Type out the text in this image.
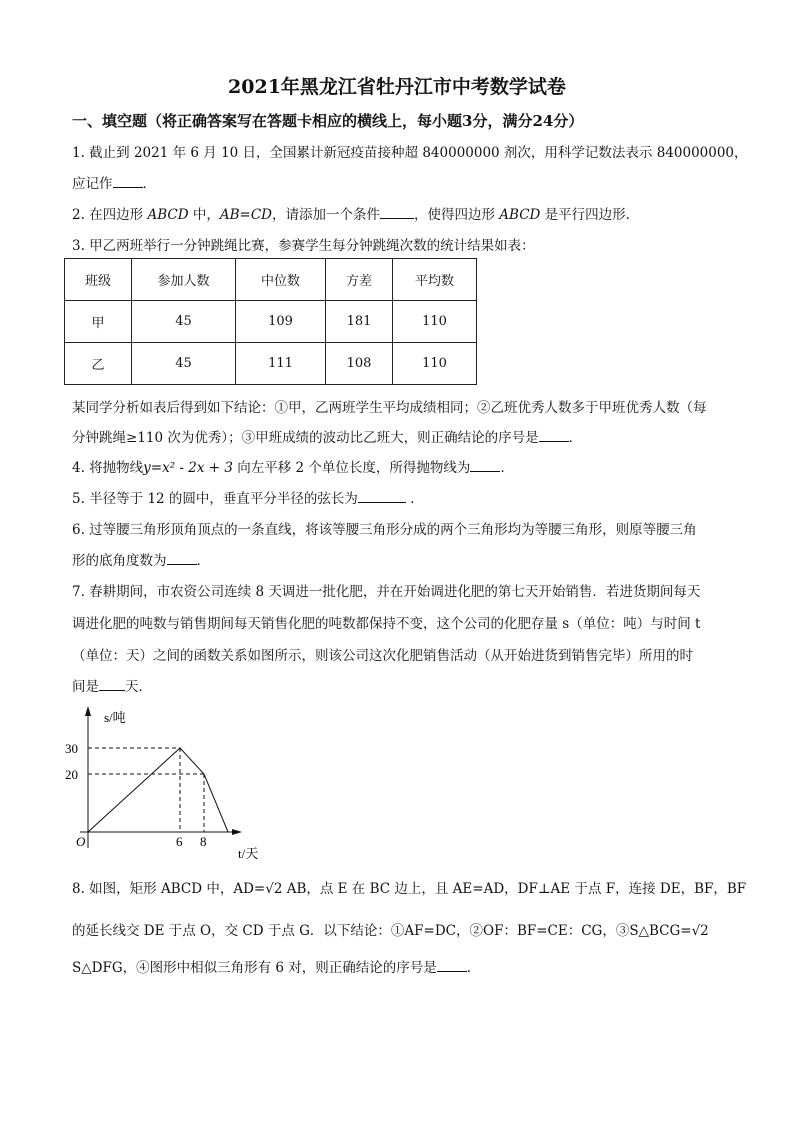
2021年黑龙江省牡丹江市中考数学试卷
一、填空题（将正确答案写在答题卡相应的横线上，每小题3分，满分24分）
1. 截止到 2021 年 6 月 10 日，全国累计新冠疫苗接种超 840000000 剂次，用科学记数法表示 840000000，
应记作 ．
2. 在四边形 ABCD 中，AB=CD，请添加一个条件	，使得四边形 ABCD 是平行四边形．
3. 甲乙两班举行一分钟跳绳比赛，参赛学生每分钟跳绳次数的统计结果如表：
班级	参加人数	中位数	方差	平均数
甲	45	109	181	110
乙	45	111	108	110
某同学分析如表后得到如下结论：①甲，乙两班学生平均成绩相同；②乙班优秀人数多于甲班优秀人数（每
分钟跳绳≥110 次为优秀）；③甲班成绩的波动比乙班大，则正确结论的序号是 ．
4. 将抛物线y=x² - 2x + 3 向左平移 2 个单位长度，所得抛物线为 ．
5. 半径等于 12 的圆中，垂直平分半径的弦长为	．
6. 过等腰三角形顶角顶点的一条直线，将该等腰三角形分成的两个三角形均为等腰三角形，则原等腰三角
形的底角度数为 ．
7. 春耕期间，市农资公司连续 8 天调进一批化肥，并在开始调进化肥的第七天开始销售．若进货期间每天
调进化肥的吨数与销售期间每天销售化肥的吨数都保持不变，这个公司的化肥存量 s（单位：吨）与时间 t
（单位：天）之间的函数关系如图所示，则该公司这次化肥销售活动（从开始进货到销售完毕）所用的时
间是 天．
s/吨
30
20
O	6 8
t/天
8. 如图，矩形 ABCD 中，AD=√2 AB，点 E 在 BC 边上，且 AE=AD，DF⊥AE 于点 F，连接 DE，BF，BF
的延长线交 DE 于点 O，交 CD 于点 G．以下结论：①AF=DC，②OF：BF=CE：CG，③S△BCG=√2
S△DFG，④图形中相似三角形有 6 对，则正确结论的序号是 ．
